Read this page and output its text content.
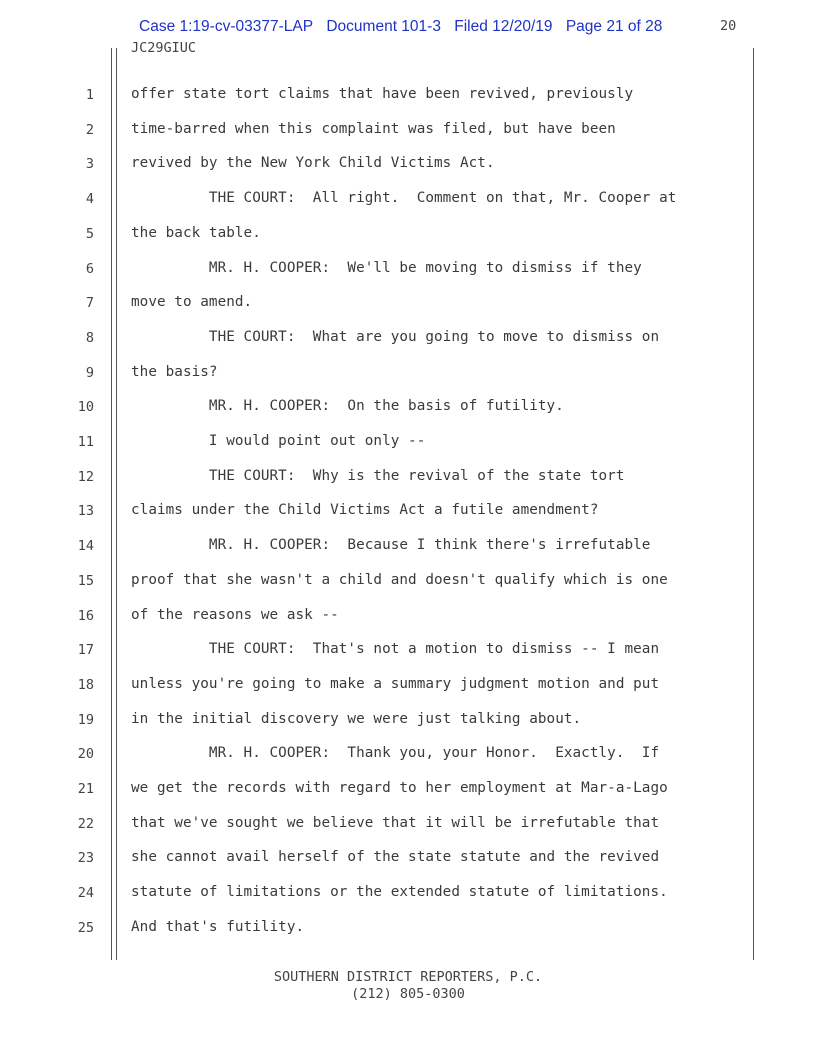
Case 1:19-cv-03377-LAP Document 101-3 Filed 12/20/19 Page 21 of 28	20
JC29GIUC
1	offer state tort claims that have been revived, previously
2	time-barred when this complaint was filed, but have been
3	revived by the New York Child Victims Act.
4	THE COURT:  All right.  Comment on that, Mr. Cooper at
5	the back table.
6	MR. H. COOPER:  We'll be moving to dismiss if they
7	move to amend.
8	THE COURT:  What are you going to move to dismiss on
9	the basis?
10	MR. H. COOPER:  On the basis of futility.
11	I would point out only --
12	THE COURT:  Why is the revival of the state tort
13	claims under the Child Victims Act a futile amendment?
14	MR. H. COOPER:  Because I think there's irrefutable
15	proof that she wasn't a child and doesn't qualify which is one
16	of the reasons we ask --
17	THE COURT:  That's not a motion to dismiss -- I mean
18	unless you're going to make a summary judgment motion and put
19	in the initial discovery we were just talking about.
20	MR. H. COOPER:  Thank you, your Honor.  Exactly.  If
21	we get the records with regard to her employment at Mar-a-Lago
22	that we've sought we believe that it will be irrefutable that
23	she cannot avail herself of the state statute and the revived
24	statute of limitations or the extended statute of limitations.
25	And that's futility.
SOUTHERN DISTRICT REPORTERS, P.C.
(212) 805-0300
